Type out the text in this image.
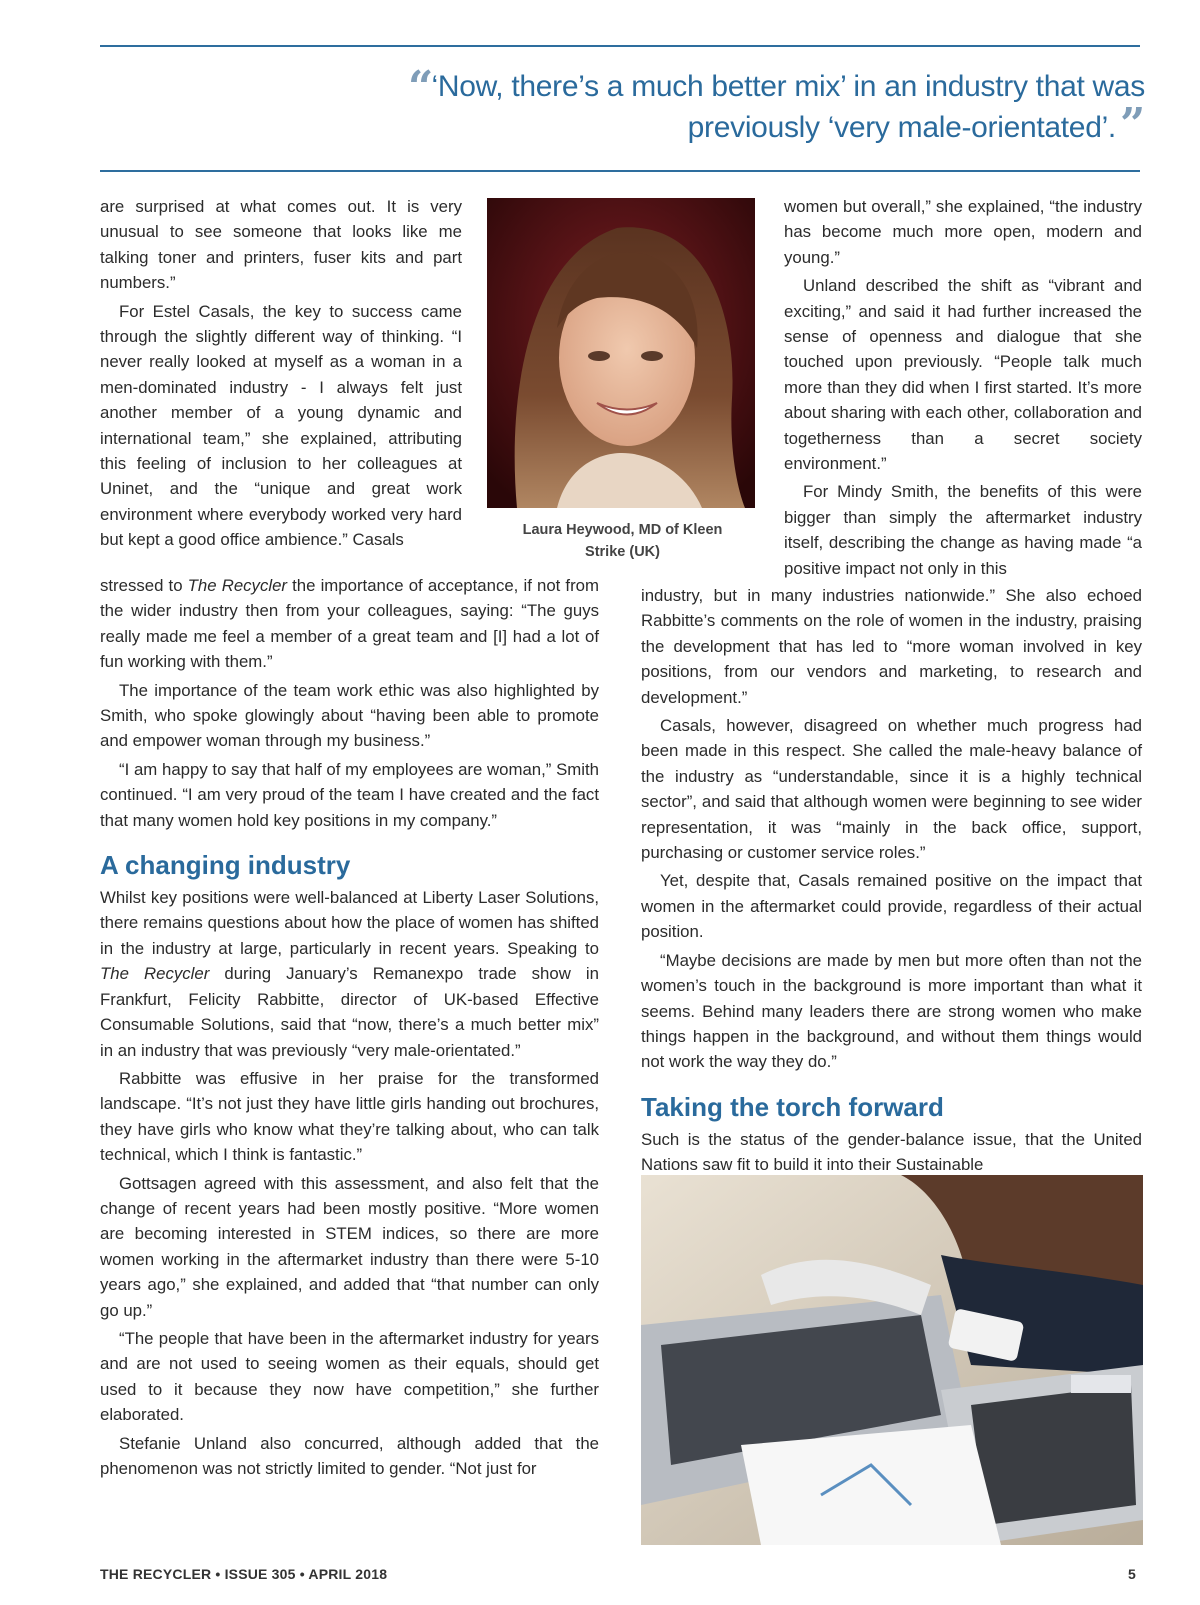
“
‘Now, there’s a much better mix’ in an industry that was
previously ‘very male-orientated’.”

are surprised at what comes out. It is very unusual to see someone that looks like me talking toner and printers, fuser kits and part numbers.”

For Estel Casals, the key to success came through the slightly different way of thinking. “I never really looked at myself as a woman in a men-dominated industry - I always felt just another member of a young dynamic and international team,” she explained, attributing this feeling of inclusion to her colleagues at Uninet, and the “unique and great work environment where everybody worked very hard but kept a good office ambience.” Casals

stressed to The Recycler the importance of acceptance, if not from the wider industry then from your colleagues, saying: “The guys really made me feel a member of a great team and [I] had a lot of fun working with them.”

The importance of the team work ethic was also highlighted by Smith, who spoke glowingly about “having been able to promote and empower woman through my business.”

“I am happy to say that half of my employees are woman,” Smith continued. “I am very proud of the team I have created and the fact that many women hold key positions in my company.”

A changing industry

Whilst key positions were well-balanced at Liberty Laser Solutions, there remains questions about how the place of women has shifted in the industry at large, particularly in recent years. Speaking to The Recycler during January’s Remanexpo trade show in Frankfurt, Felicity Rabbitte, director of UK-based Effective Consumable Solutions, said that “now, there’s a much better mix” in an industry that was previously “very male-orientated.”

Rabbitte was effusive in her praise for the transformed landscape. “It’s not just they have little girls handing out brochures, they have girls who know what they’re talking about, who can talk technical, which I think is fantastic.”

Gottsagen agreed with this assessment, and also felt that the change of recent years had been mostly positive. “More women are becoming interested in STEM indices, so there are more women working in the aftermarket industry than there were 5-10 years ago,” she explained, and added that “that number can only go up.”

“The people that have been in the aftermarket industry for years and are not used to seeing women as their equals, should get used to it because they now have competition,” she further elaborated.

Stefanie Unland also concurred, although added that the phenomenon was not strictly limited to gender. “Not just for

Laura Heywood, MD of Kleen Strike (UK)

women but overall,” she explained, “the industry has become much more open, modern and young.”

Unland described the shift as “vibrant and exciting,” and said it had further increased the sense of openness and dialogue that she touched upon previously. “People talk much more than they did when I first started. It’s more about sharing with each other, collaboration and togetherness than a secret society environment.”

For Mindy Smith, the benefits of this were bigger than simply the aftermarket industry itself, describing the change as having made “a positive impact not only in this

industry, but in many industries nationwide.” She also echoed Rabbitte’s comments on the role of women in the industry, praising the development that has led to “more woman involved in key positions, from our vendors and marketing, to research and development.”

Casals, however, disagreed on whether much progress had been made in this respect. She called the male-heavy balance of the industry as “understandable, since it is a highly technical sector”, and said that although women were beginning to see wider representation, it was “mainly in the back office, support, purchasing or customer service roles.”

Yet, despite that, Casals remained positive on the impact that women in the aftermarket could provide, regardless of their actual position.

“Maybe decisions are made by men but more often than not the women’s touch in the background is more important than what it seems. Behind many leaders there are strong women who make things happen in the background, and without them things would not work the way they do.”

Taking the torch forward

Such is the status of the gender-balance issue, that the United Nations saw fit to build it into their Sustainable

THE RECYCLER • ISSUE 305 • APRIL 2018	5
